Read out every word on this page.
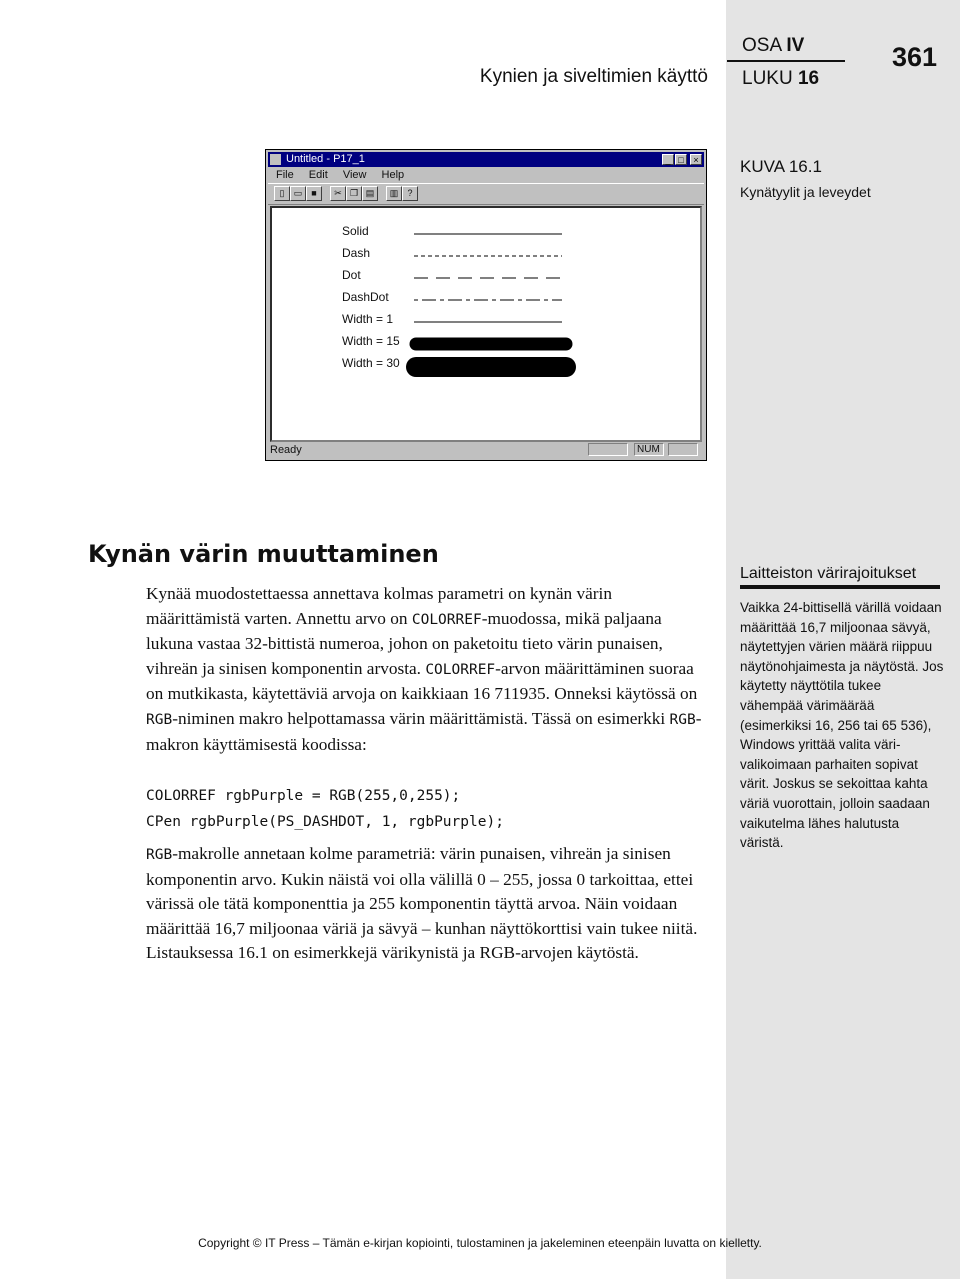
Kynien ja siveltimien käyttö
OSA IV
LUKU 16
361
KUVA 16.1
Kynätyylit ja leveydet
Untitled - P17_1	_ □	×
File Edit View Help
▯	▭	■	✂ ❐ ▤	▥	?
Solid
Dash
Dot
DashDot
Width = 1
Width = 15
Width = 30
Ready	NUM
Kynän värin muuttaminen

Kynää muodostettaessa annettava kolmas parametri on kynän värin määrittämistä varten. Annettu arvo on COLORREF-muodossa, mikä paljaana lukuna vastaa 32-bittistä numeroa, johon on paketoitu tieto värin punaisen, vihreän ja sinisen komponentin arvosta. COLORREF-arvon määrittäminen suoraa on mutkikasta, käytettäviä arvoja on kaikkiaan 16 711935. Onneksi käytössä on RGB-niminen makro helpottamassa värin määrittämistä. Tässä on esimerkki RGB-makron käyttämisestä koodissa:

COLORREF rgbPurple = RGB(255,0,255);
CPen rgbPurple(PS_DASHDOT, 1, rgbPurple);

RGB-makrolle annetaan kolme parametriä: värin punaisen, vihreän ja sinisen komponentin arvo. Kukin näistä voi olla välillä 0 – 255, jossa 0 tarkoittaa, ettei värissä ole tätä komponenttia ja 255 komponentin täyttä arvoa. Näin voidaan määrittää 16,7 miljoonaa väriä ja sävyä – kunhan näyttökorttisi vain tukee niitä. Listauksessa 16.1 on esimerkkejä värikynistä ja RGB-arvojen käytöstä.

Laitteiston värirajoitukset

Vaikka 24-bittisellä värillä voidaan määrittää 16,7 miljoonaa sävyä, näytettyjen värien määrä riippuu näytönohjaimesta ja näytöstä. Jos käytetty näyttötila tukee vähempää värimäärää (esimerkiksi 16, 256 tai 65 536), Windows yrittää valita väri-valikoimaan parhaiten sopivat värit. Joskus se sekoittaa kahta väriä vuorottain, jolloin saadaan vaikutelma lähes halutusta väristä.

Copyright © IT Press – Tämän e-kirjan kopiointi, tulostaminen ja jakeleminen eteenpäin luvatta on kielletty.
